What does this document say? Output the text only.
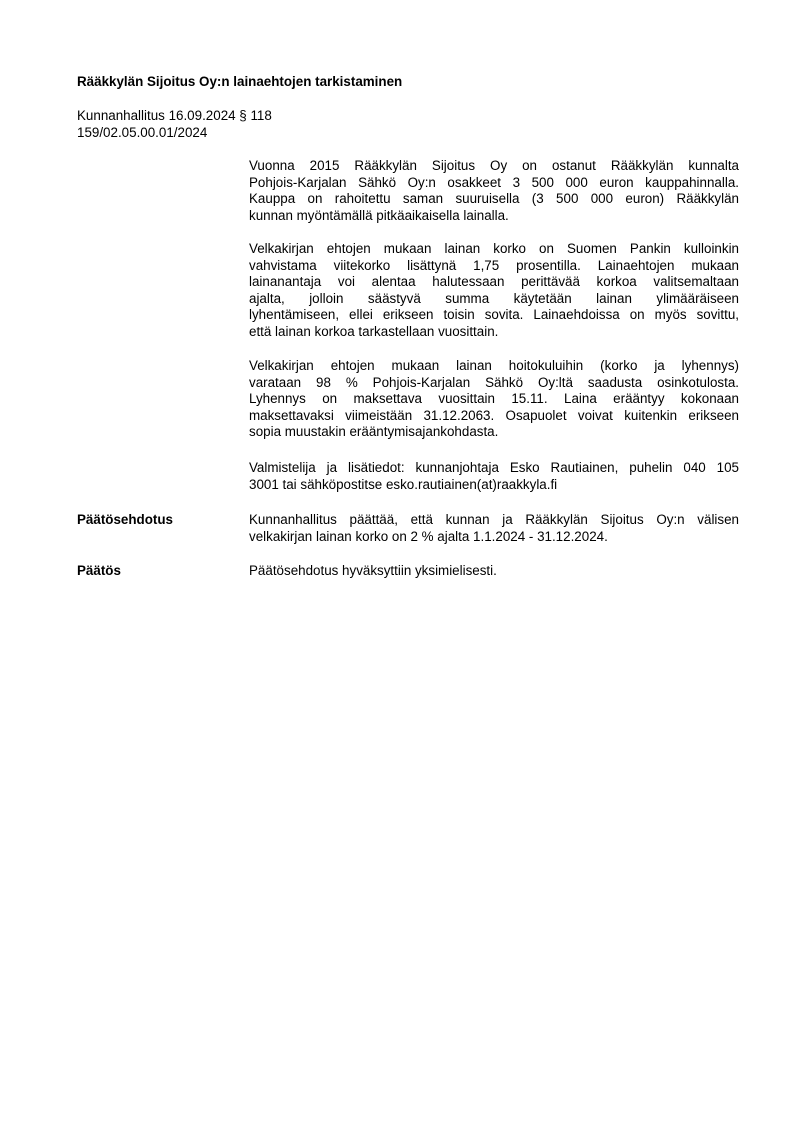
Rääkkylän Sijoitus Oy:n lainaehtojen tarkistaminen
Kunnanhallitus 16.09.2024 § 118
159/02.05.00.01/2024

Vuonna 2015 Rääkkylän Sijoitus Oy on ostanut Rääkkylän kunnalta
Pohjois-Karjalan Sähkö Oy:n osakkeet 3 500 000 euron kauppahinnalla.
Kauppa on rahoitettu saman suuruisella (3 500 000 euron) Rääkkylän
kunnan myöntämällä pitkäaikaisella lainalla.

Velkakirjan ehtojen mukaan lainan korko on Suomen Pankin kulloinkin
vahvistama viitekorko lisättynä 1,75 prosentilla. Lainaehtojen mukaan
lainanantaja voi alentaa halutessaan perittävää korkoa valitsemaltaan
ajalta, jolloin säästyvä summa käytetään lainan ylimääräiseen
lyhentämiseen, ellei erikseen toisin sovita. Lainaehdoissa on myös sovittu,
että lainan korkoa tarkastellaan vuosittain.

Velkakirjan ehtojen mukaan lainan hoitokuluihin (korko ja lyhennys)
varataan 98 % Pohjois-Karjalan Sähkö Oy:ltä saadusta osinkotulosta.
Lyhennys on maksettava vuosittain 15.11. Laina erääntyy kokonaan
maksettavaksi viimeistään 31.12.2063. Osapuolet voivat kuitenkin erikseen
sopia muustakin erääntymisajankohdasta.

Valmistelija ja lisätiedot: kunnanjohtaja Esko Rautiainen, puhelin 040 105
3001 tai sähköpostitse esko.rautiainen(at)raakkyla.fi

Päätösehdotus	Kunnanhallitus päättää, että kunnan ja Rääkkylän Sijoitus Oy:n välisen
velkakirjan lainan korko on 2 % ajalta 1.1.2024 - 31.12.2024.

Päätös	Päätösehdotus hyväksyttiin yksimielisesti.
